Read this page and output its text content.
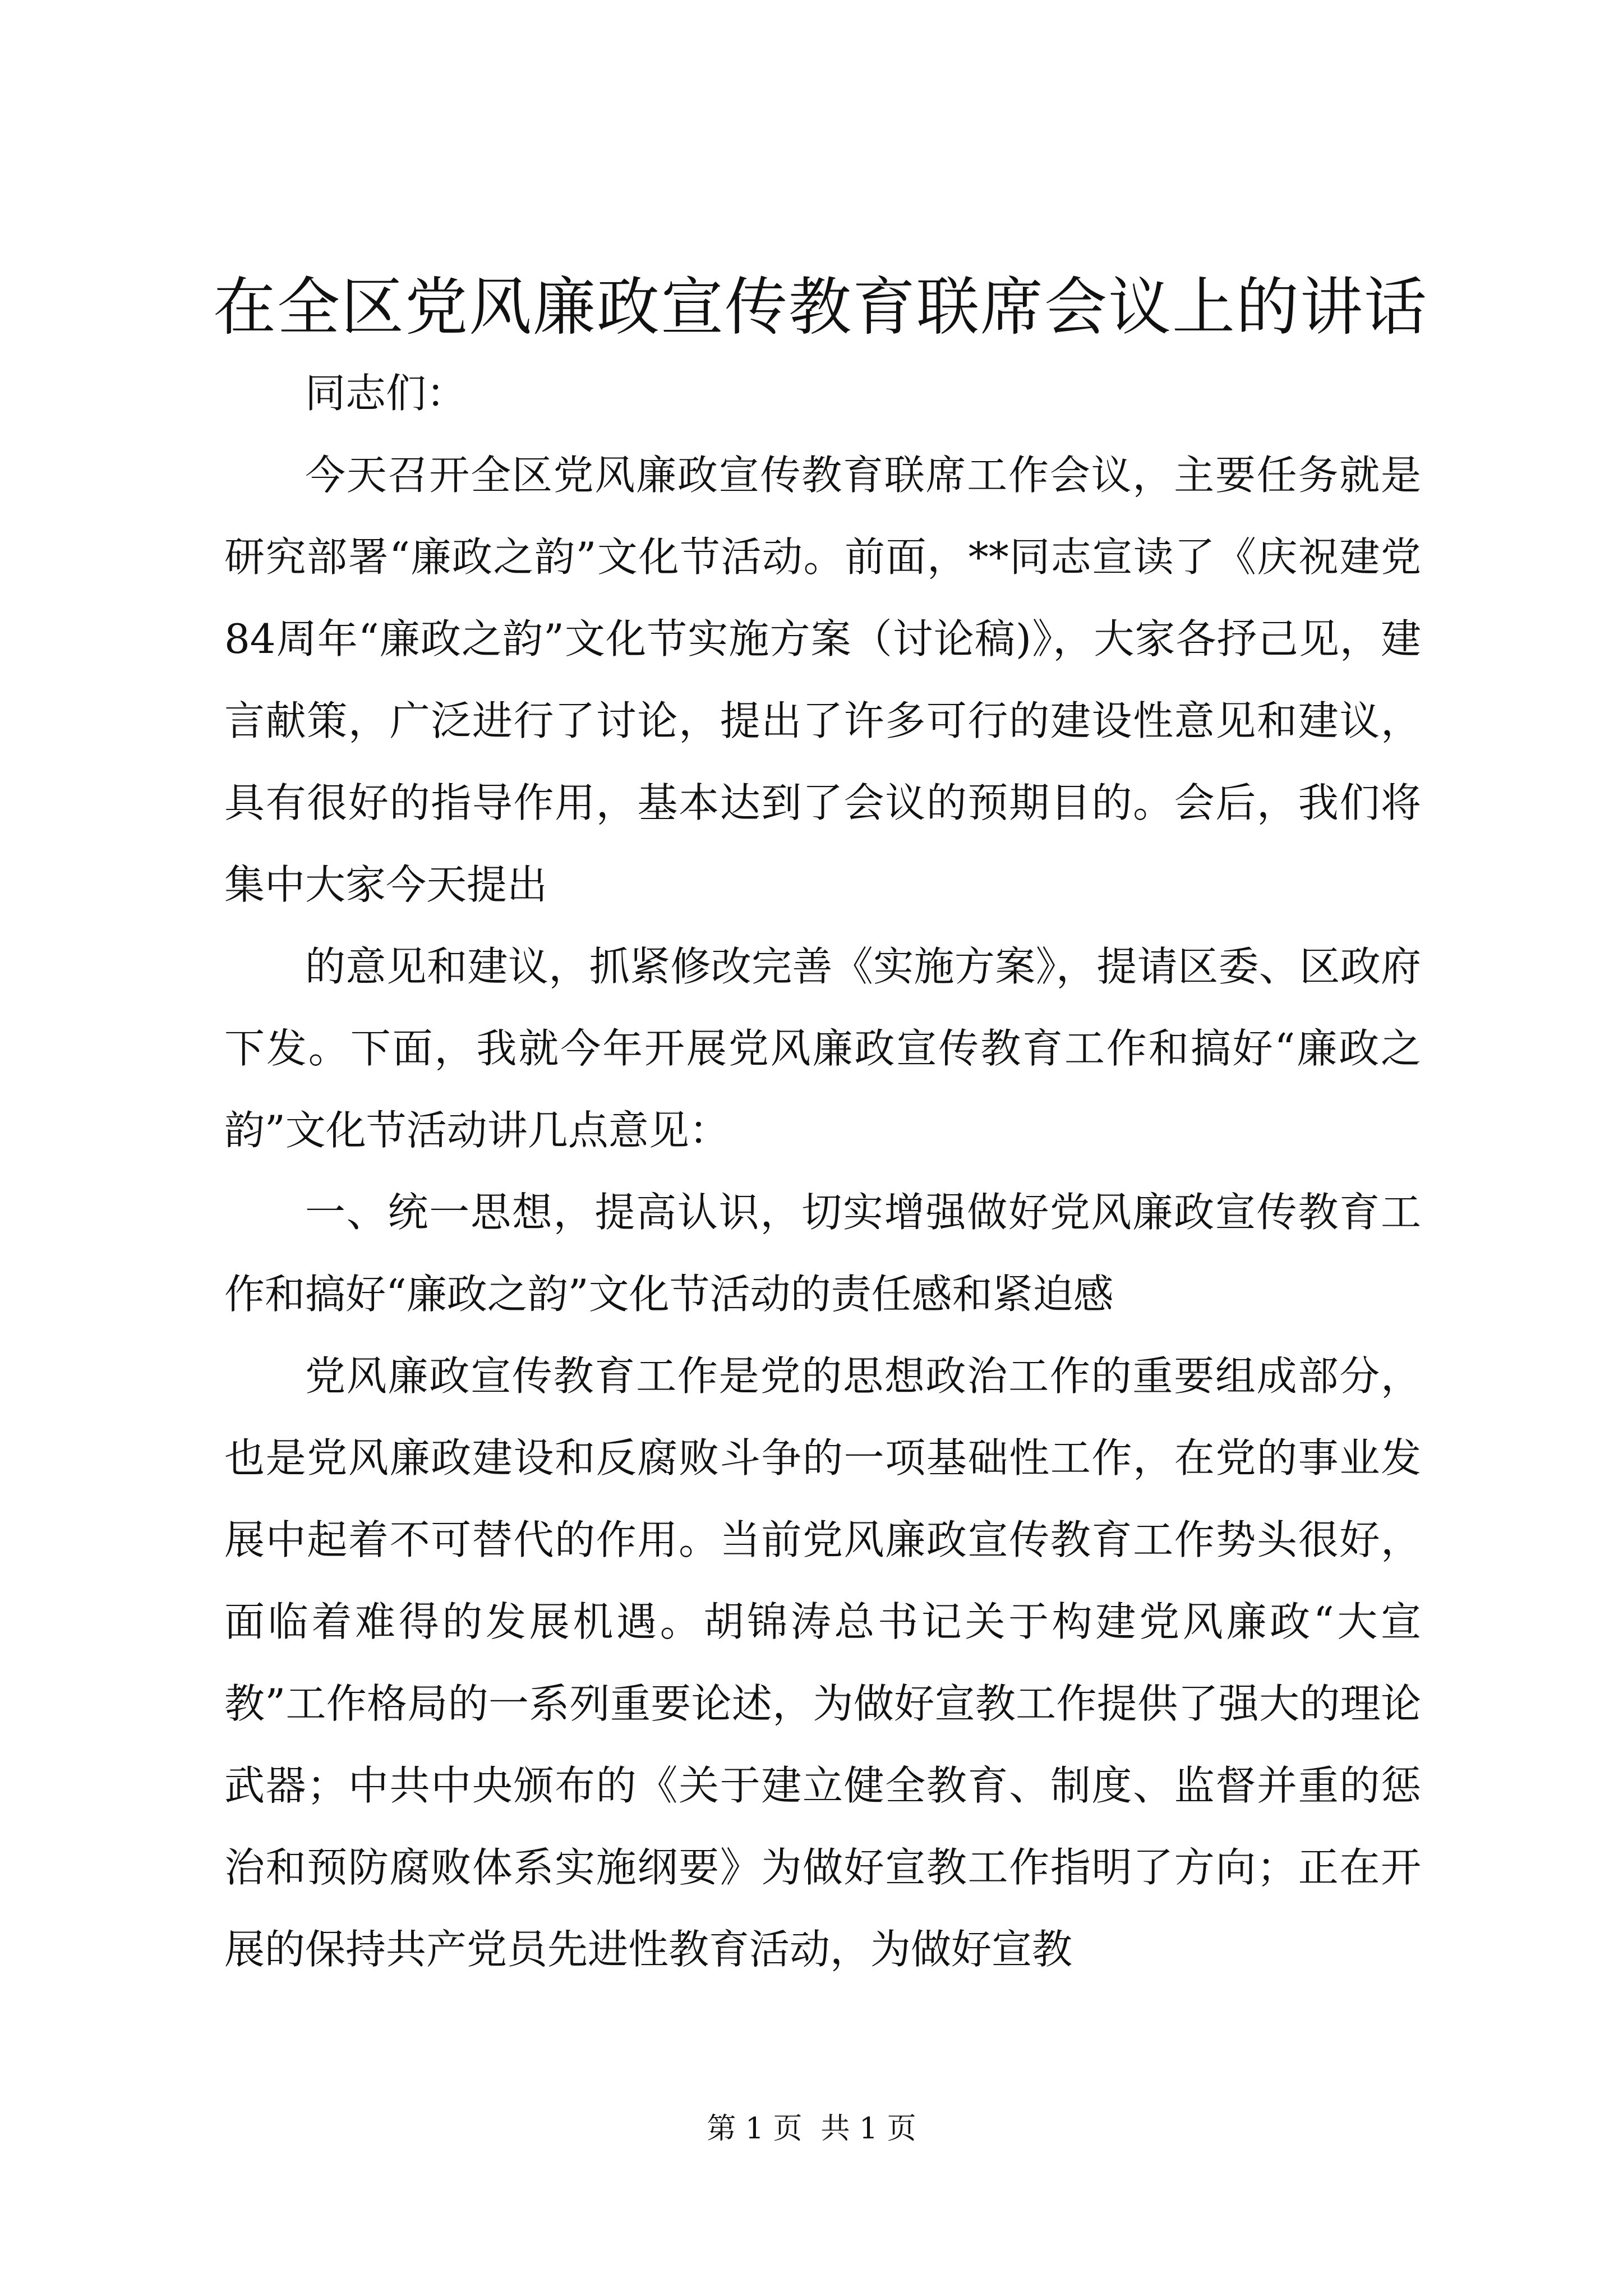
在全区党风廉政宣传教育联席会议上的讲话

同志们：

今天召开全区党风廉政宣传教育联席工作会议，主要任务就是研究部署“廉政之韵”文化节活动。前面，**同志宣读了《庆祝建党84周年“廉政之韵”文化节实施方案（讨论稿)》，大家各抒己见，建言献策，广泛进行了讨论，提出了许多可行的建设性意见和建议，具有很好的指导作用，基本达到了会议的预期目的。会后，我们将集中大家今天提出

的意见和建议，抓紧修改完善《实施方案》，提请区委、区政府下发。下面，我就今年开展党风廉政宣传教育工作和搞好“廉政之韵”文化节活动讲几点意见：

一、统一思想，提高认识，切实增强做好党风廉政宣传教育工作和搞好“廉政之韵”文化节活动的责任感和紧迫感

党风廉政宣传教育工作是党的思想政治工作的重要组成部分，也是党风廉政建设和反腐败斗争的一项基础性工作，在党的事业发展中起着不可替代的作用。当前党风廉政宣传教育工作势头很好，面临着难得的发展机遇。胡锦涛总书记关于构建党风廉政“大宣教”工作格局的一系列重要论述，为做好宣教工作提供了强大的理论武器；中共中央颁布的《关于建立健全教育、制度、监督并重的惩治和预防腐败体系实施纲要》为做好宣教工作指明了方向；正在开展的保持共产党员先进性教育活动，为做好宣教

第 1 页  共 1 页
